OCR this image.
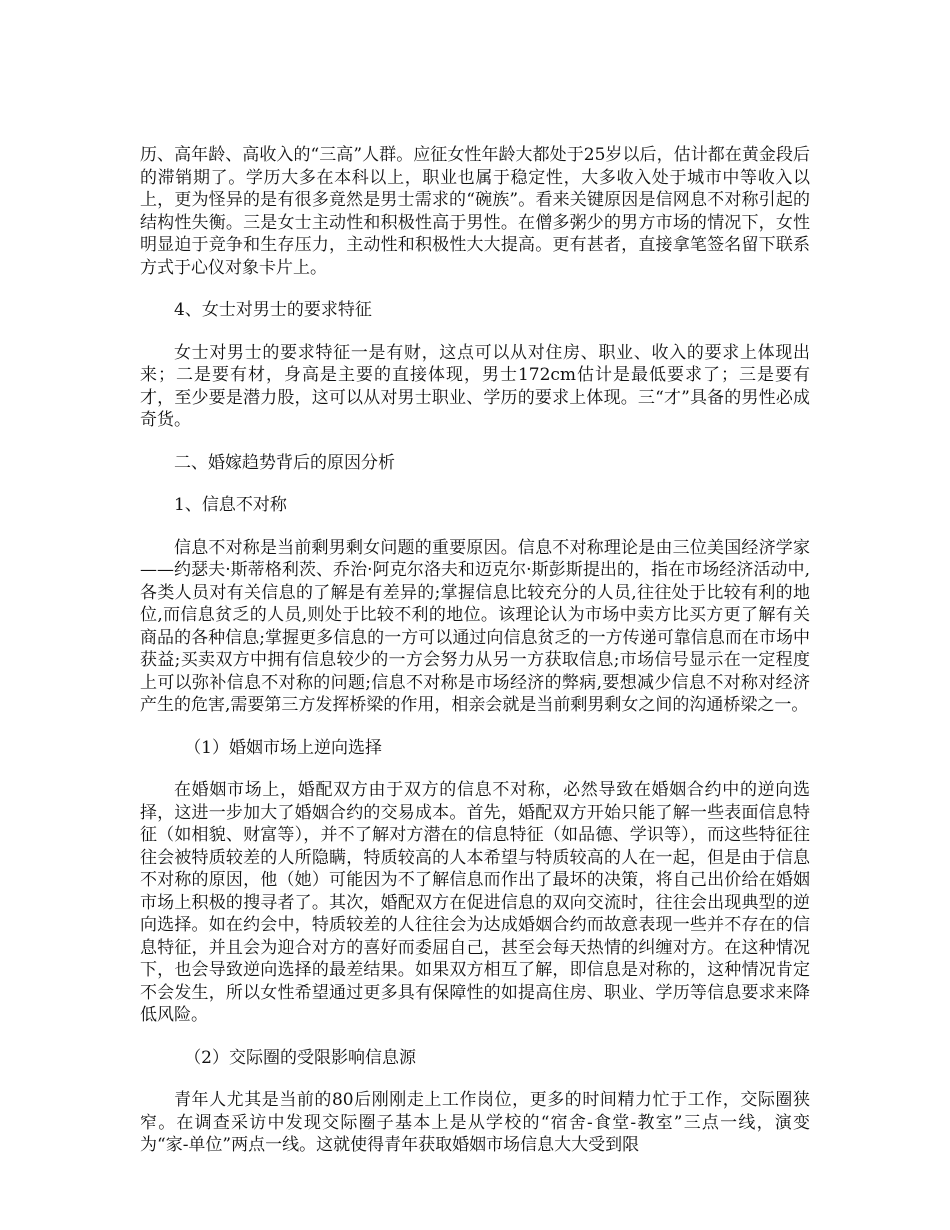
历、高年龄、高收入的“三高”人群。应征女性年龄大都处于25岁以后，估计都在黄金段后的滞销期了。学历大多在本科以上，职业也属于稳定性，大多收入处于城市中等收入以上，更为怪异的是有很多竟然是男士需求的“碗族”。看来关键原因是信网息不对称引起的结构性失衡。三是女士主动性和积极性高于男性。在僧多粥少的男方市场的情况下，女性明显迫于竞争和生存压力，主动性和积极性大大提高。更有甚者，直接拿笔签名留下联系方式于心仪对象卡片上。

4、女士对男士的要求特征

女士对男士的要求特征一是有财，这点可以从对住房、职业、收入的要求上体现出来；二是要有材，身高是主要的直接体现，男士172cm估计是最低要求了；三是要有才，至少要是潜力股，这可以从对男士职业、学历的要求上体现。三“才”具备的男性必成奇货。

二、婚嫁趋势背后的原因分析

1、信息不对称

信息不对称是当前剩男剩女问题的重要原因。信息不对称理论是由三位美国经济学家——约瑟夫·斯蒂格利茨、乔治·阿克尔洛夫和迈克尔·斯彭斯提出的，指在市场经济活动中,各类人员对有关信息的了解是有差异的;掌握信息比较充分的人员,往往处于比较有利的地位,而信息贫乏的人员,则处于比较不利的地位。该理论认为市场中卖方比买方更了解有关商品的各种信息;掌握更多信息的一方可以通过向信息贫乏的一方传递可靠信息而在市场中获益;买卖双方中拥有信息较少的一方会努力从另一方获取信息;市场信号显示在一定程度上可以弥补信息不对称的问题;信息不对称是市场经济的弊病,要想减少信息不对称对经济产生的危害,需要第三方发挥桥梁的作用，相亲会就是当前剩男剩女之间的沟通桥梁之一。

（1）婚姻市场上逆向选择

在婚姻市场上，婚配双方由于双方的信息不对称，必然导致在婚姻合约中的逆向选择，这进一步加大了婚姻合约的交易成本。首先，婚配双方开始只能了解一些表面信息特征（如相貌、财富等），并不了解对方潜在的信息特征（如品德、学识等），而这些特征往往会被特质较差的人所隐瞒，特质较高的人本希望与特质较高的人在一起，但是由于信息不对称的原因，他（她）可能因为不了解信息而作出了最坏的决策，将自己出价给在婚姻市场上积极的搜寻者了。其次，婚配双方在促进信息的双向交流时，往往会出现典型的逆向选择。如在约会中，特质较差的人往往会为达成婚姻合约而故意表现一些并不存在的信息特征，并且会为迎合对方的喜好而委屈自己，甚至会每天热情的纠缠对方。在这种情况下，也会导致逆向选择的最差结果。如果双方相互了解，即信息是对称的，这种情况肯定不会发生，所以女性希望通过更多具有保障性的如提高住房、职业、学历等信息要求来降低风险。

（2）交际圈的受限影响信息源

青年人尤其是当前的80后刚刚走上工作岗位，更多的时间精力忙于工作，交际圈狭窄。在调查采访中发现交际圈子基本上是从学校的“宿舍-食堂-教室”三点一线，演变为“家-单位”两点一线。这就使得青年获取婚姻市场信息大大受到限
